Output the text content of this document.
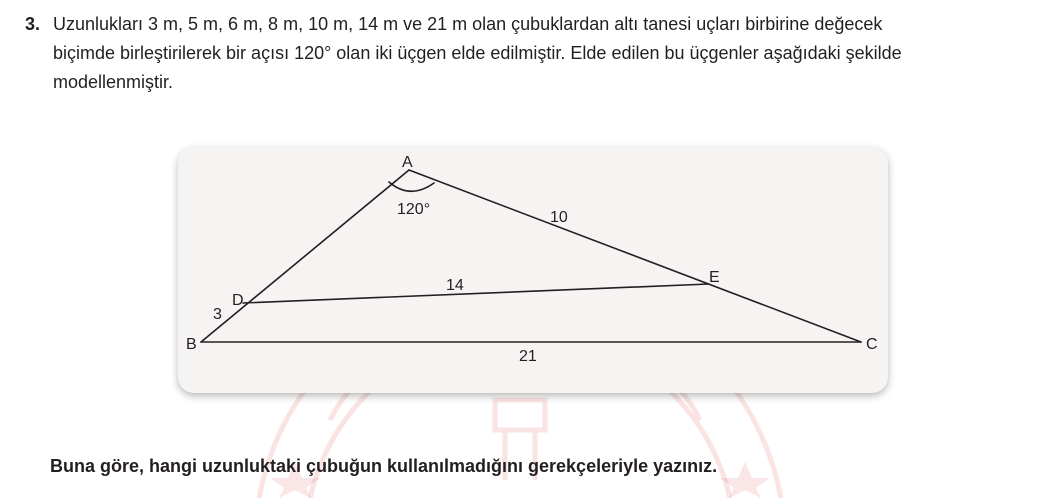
3. Uzunlukları 3 m, 5 m, 6 m, 8 m, 10 m, 14 m ve 21 m olan çubuklardan altı tanesi uçları birbirine değecek
biçimde birleştirilerek bir açısı 120° olan iki üçgen elde edilmiştir. Elde edilen bu üçgenler aşağıdaki şekilde
modellenmiştir.
A
B	C
D
E
120°
3
10
14
21
Buna göre, hangi uzunluktaki çubuğun kullanılmadığını gerekçeleriyle yazınız.
